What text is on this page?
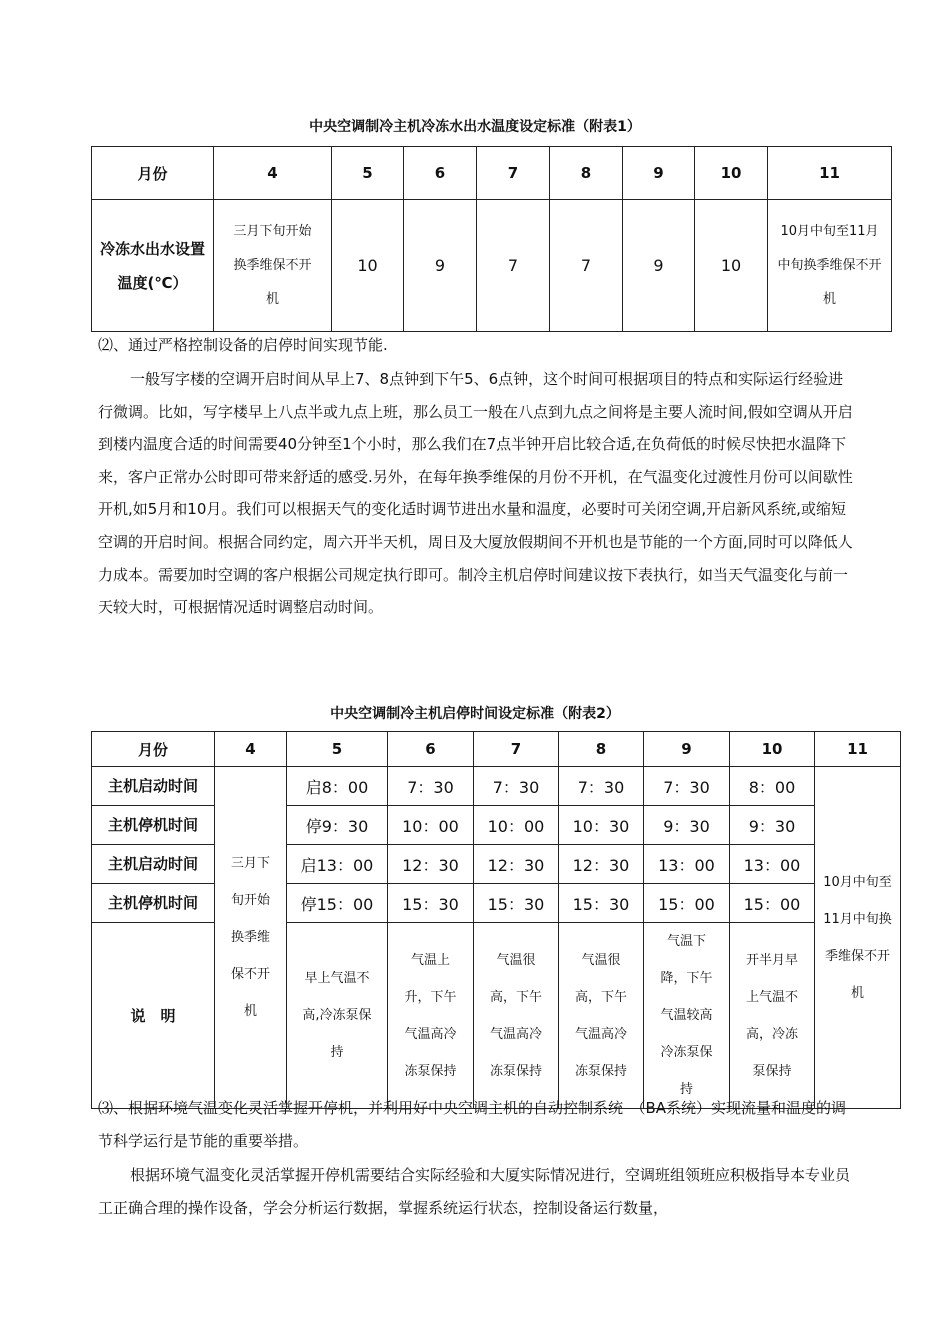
中央空调制冷主机冷冻水出水温度设定标准（附表1）
月份	4	5	6	7	8	9	10	11
冷冻水出水设置温度(℃）	三月下旬开始换季维保不开机	10	9	7	7	9	10	10月中旬至11月中旬换季维保不开机

⑵、通过严格控制设备的启停时间实现节能.

一般写字楼的空调开启时间从早上7、8点钟到下午5、6点钟，这个时间可根据项目的特点和实际运行经验进行微调。比如，写字楼早上八点半或九点上班，那么员工一般在八点到九点之间将是主要人流时间,假如空调从开启到楼内温度合适的时间需要40分钟至1个小时，那么我们在7点半钟开启比较合适,在负荷低的时候尽快把水温降下来，客户正常办公时即可带来舒适的感受.另外，在每年换季维保的月份不开机，在气温变化过渡性月份可以间歇性开机,如5月和10月。我们可以根据天气的变化适时调节进出水量和温度，必要时可关闭空调,开启新风系统,或缩短空调的开启时间。根据合同约定，周六开半天机，周日及大厦放假期间不开机也是节能的一个方面,同时可以降低人力成本。需要加时空调的客户根据公司规定执行即可。制冷主机启停时间建议按下表执行，如当天气温变化与前一天较大时，可根据情况适时调整启动时间。

中央空调制冷主机启停时间设定标准（附表2）
月份	4	5	6	7	8	9	10	11
主机启动时间	三月下旬开始换季维保不开机	启8：00	7：30	7：30	7：30	7：30	8：00	10月中旬至11月中旬换季维保不开机
主机停机时间		停9：30	10：00	10：00	10：30	9：30	9：30	
主机启动时间		启13：00	12：30	12：30	12：30	13：00	13：00	
主机停机时间		停15：00	15：30	15：30	15：30	15：00	15：00	
说　明		早上气温不高,冷冻泵保持	气温上升，下午气温高冷冻泵保持	气温很高，下午气温高冷冻泵保持	气温很高，下午气温高冷冻泵保持	气温下降，下午气温较高冷冻泵保持	开半月早上气温不高，冷冻泵保持	

⑶、根据环境气温变化灵活掌握开停机，并利用好中央空调主机的自动控制系统　（BA系统）实现流量和温度的调节科学运行是节能的重要举措。

根据环境气温变化灵活掌握开停机需要结合实际经验和大厦实际情况进行，空调班组领班应积极指导本专业员工正确合理的操作设备，学会分析运行数据，掌握系统运行状态，控制设备运行数量，
